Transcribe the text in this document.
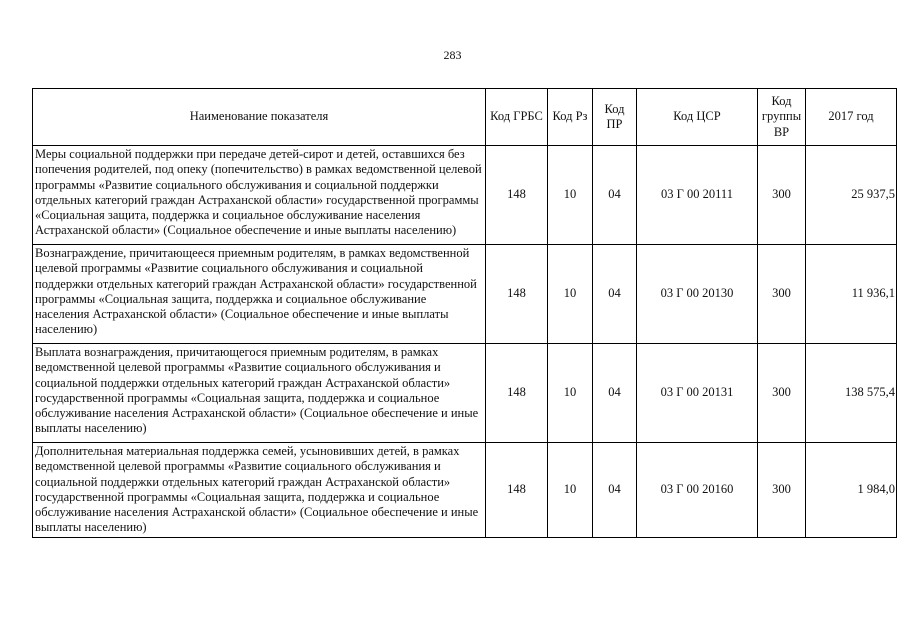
283
Наименование показателя	Код ГРБС	Код Рз	Код ПР	Код ЦСР	Код группы ВР	2017 год
Меры социальной поддержки при передаче детей-сирот и детей, оставшихся без попечения родителей, под опеку (попечительство) в рамках ведомственной целевой программы «Развитие социального обслуживания и социальной поддержки отдельных категорий граждан Астраханской области» государственной программы «Социальная защита, поддержка и социальное обслуживание населения Астраханской области» (Социальное обеспечение и иные выплаты населению)	148	10	04	03 Г 00 20111	300	25 937,5
Вознаграждение, причитающееся приемным родителям, в рамках ведомственной целевой программы «Развитие социального обслуживания и социальной поддержки отдельных категорий граждан Астраханской области» государственной программы «Социальная защита, поддержка и социальное обслуживание населения Астраханской области» (Социальное обеспечение и иные выплаты населению)	148	10	04	03 Г 00 20130	300	11 936,1
Выплата вознаграждения, причитающегося приемным родителям, в рамках ведомственной целевой программы «Развитие социального обслуживания и социальной поддержки отдельных категорий граждан Астраханской области» государственной программы «Социальная защита, поддержка и социальное обслуживание населения Астраханской области» (Социальное обеспечение и иные выплаты населению)	148	10	04	03 Г 00 20131	300	138 575,4
Дополнительная материальная поддержка семей, усыновивших детей, в рамках ведомственной целевой программы «Развитие социального обслуживания и социальной поддержки отдельных категорий граждан Астраханской области» государственной программы «Социальная защита, поддержка и социальное обслуживание населения Астраханской области» (Социальное обеспечение и иные выплаты населению)	148	10	04	03 Г 00 20160	300	1 984,0
